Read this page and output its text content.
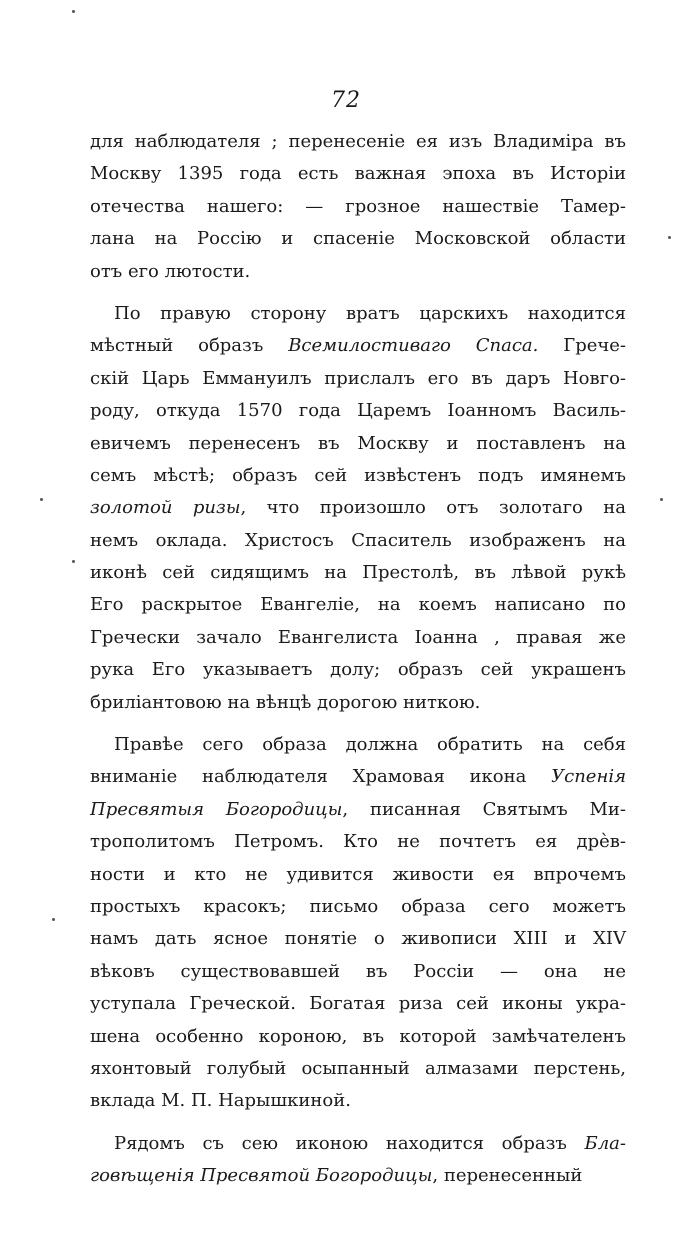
72
для наблюдателя ; перенесеніе ея изъ Владиміра въ
Москву 1395 года есть важная эпоха въ Исторіи
отечества нашего: — грозное нашествіе Тамер-
лана на Россію и спасеніе Московской области
отъ его лютости.
По правую сторону вратъ царскихъ находится
мѣстный образъ Всемилостиваго Спаса. Грече-
скій Царь Еммануилъ прислалъ его въ даръ Новго-
роду, откуда 1570 года Царемъ Іоанномъ Василь-
евичемъ перенесенъ въ Москву и поставленъ на
семъ мѣстѣ; образъ сей извѣстенъ подъ имянемъ
золотой ризы, что произошло отъ золотаго на
немъ оклада. Христосъ Спаситель изображенъ на
иконѣ сей сидящимъ на Престолѣ, въ лѣвой рукѣ
Его раскрытое Евангеліе, на коемъ написано по
Гречески зачало Евангелиста Іоанна , правая же
рука Его указываетъ долу; образъ сей украшенъ
бриліантовою на вѣнцѣ дорогою ниткою.
Правѣе сего образа должна обратить на себя
вниманіе наблюдателя Храмовая икона Успенія
Пресвятыя Богородицы, писанная Святымъ Ми-
трополитомъ Петромъ. Кто не почтетъ ея дрѐв-
ности и кто не удивится живости ея впрочемъ
простыхъ красокъ; письмо образа сего можетъ
намъ дать ясное понятіе о живописи XIII и XIV
вѣковъ существовавшей въ Россіи — она не
уступала Греческой. Богатая риза сей иконы укра-
шена особенно короною, въ которой замѣчателенъ
яхонтовый голубый осыпанный алмазами перстень,
вклада М. П. Нарышкиной.
Рядомъ съ сею иконою находится образъ Бла-
говѣщенія Пресвятой Богородицы, перенесенный
